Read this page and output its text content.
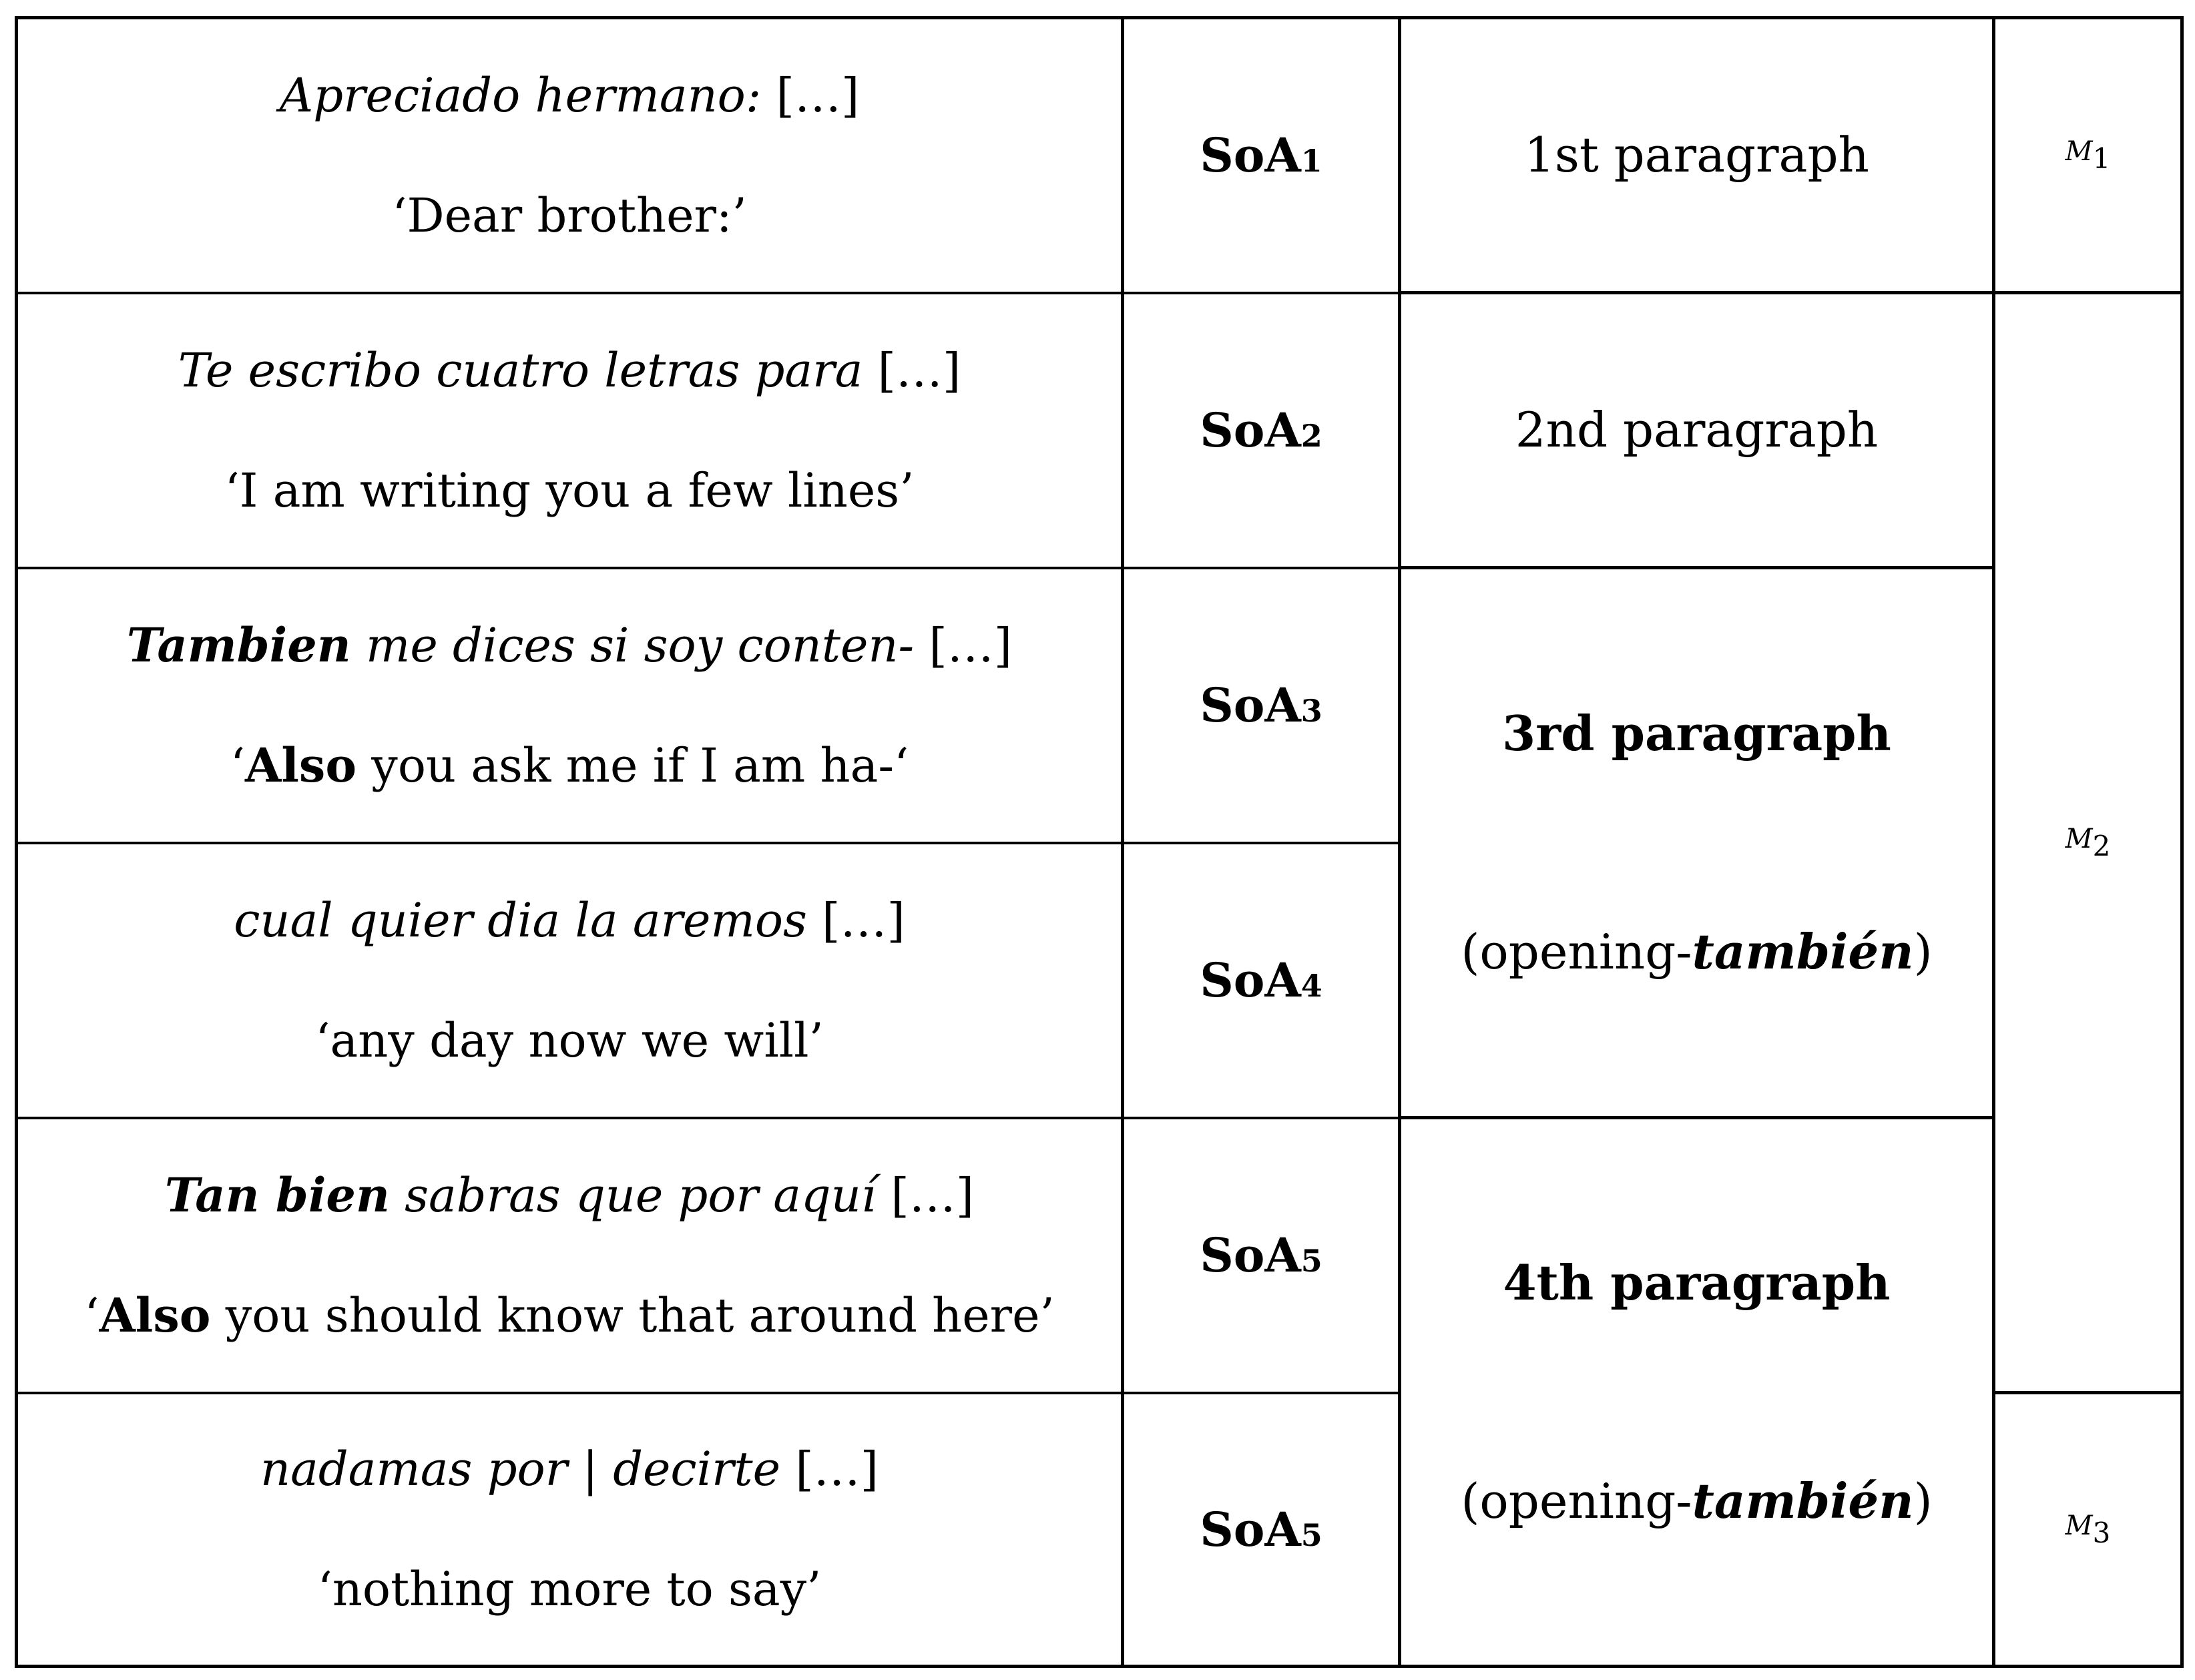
Apreciado hermano: […]
‘Dear brother:’	SoA1	1st paragraph	M1

Te escribo cuatro letras para […]
‘I am writing you a few lines’	SoA2	2nd paragraph	M2

Tambien me dices si soy conten- […]
‘Also you ask me if I am ha-‘	SoA3	3rd paragraph
(opening-también)	

cual quier dia la aremos […]
‘any day now we will’	SoA4		

Tan bien sabras que por aquí […]
‘Also you should know that around here’	SoA5	4th paragraph
(opening-también)	

nadamas por | decirte […]
‘nothing more to say’	SoA5		M3
